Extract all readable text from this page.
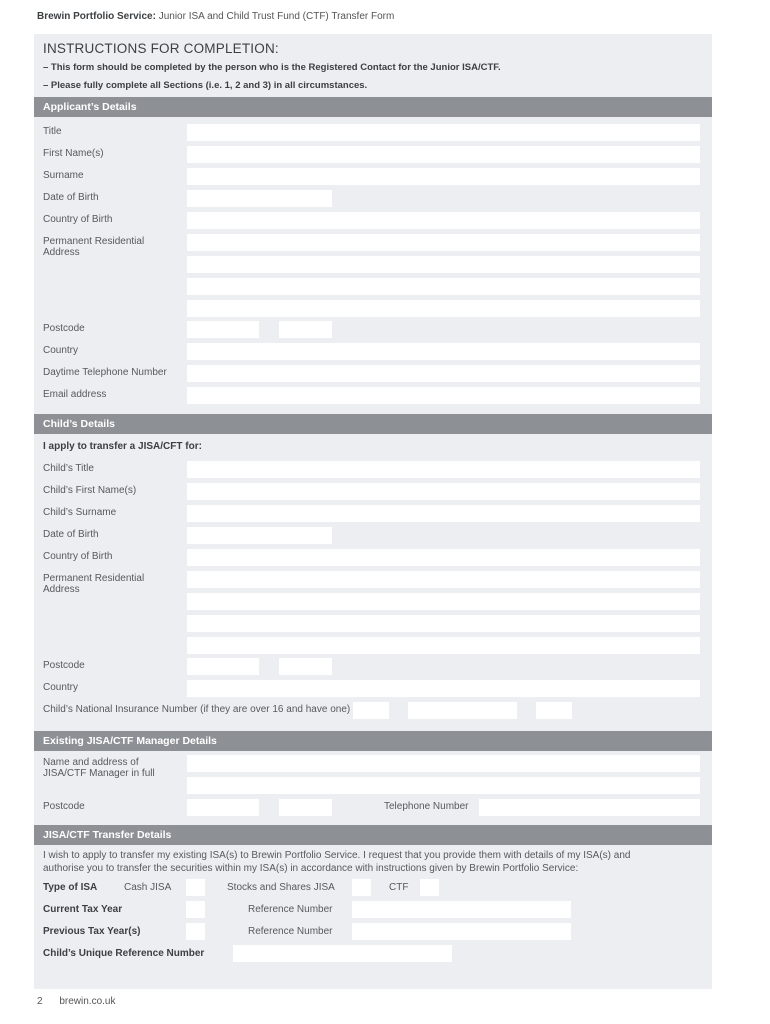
Brewin Portfolio Service: Junior ISA and Child Trust Fund (CTF) Transfer Form
INSTRUCTIONS FOR COMPLETION:
– This form should be completed by the person who is the Registered Contact for the Junior ISA/CTF.
– Please fully complete all Sections (i.e. 1, 2 and 3) in all circumstances.
Applicant’s Details
Title
First Name(s)
Surname
Date of Birth
Country of Birth
Permanent Residential
Address
Postcode
Country
Daytime Telephone Number
Email address
Child’s Details
I apply to transfer a JISA/CFT for:
Child’s Title
Child’s First Name(s)
Child’s Surname
Date of Birth
Country of Birth
Permanent Residential
Address
Postcode
Country
Child’s National Insurance Number (if they are over 16 and have one)
Existing JISA/CTF Manager Details
Name and address of
JISA/CTF Manager in full
Postcode	Telephone Number
JISA/CTF Transfer Details
I wish to apply to transfer my existing ISA(s) to Brewin Portfolio Service. I request that you provide them with details of my ISA(s) and
authorise you to transfer the securities within my ISA(s) in accordance with instructions given by Brewin Portfolio Service:
Type of ISA	Cash JISA	Stocks and Shares JISA	CTF
Current Tax Year	Reference Number
Previous Tax Year(s)	Reference Number
Child’s Unique Reference Number
2 brewin.co.uk
